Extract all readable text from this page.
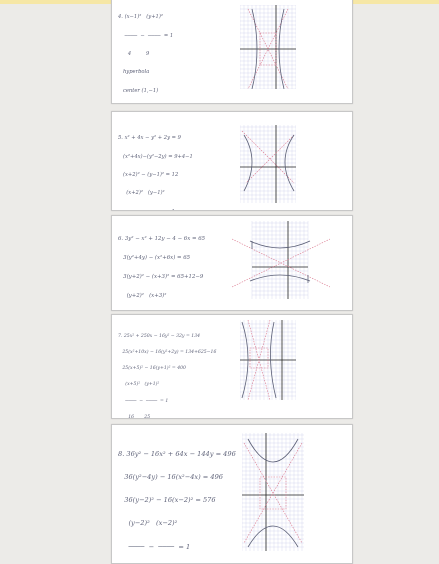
4. (x−1)²   (y+1)²

────  −  ────  = 1

4         9

hyperbola

center (1,−1)

5. x² + 4x − y² + 2y = 9

(x²+4x)−(y²−2y) = 9+4−1

(x+2)² − (y−1)² = 12

(x+2)²   (y−1)²

6. 3y² − x² + 12y − 4 − 6x = 65

3(y²+4y) − (x²+6x) = 65

3(y+2)² − (x+3)² = 65+12−9

(y+2)²   (x+3)²

7. 25x² + 250x − 16y² − 32y = 134

25(x²+10x) − 16(y²+2y) = 134+625−16

25(x+5)² − 16(y+1)² = 400

(x+5)²   (y+1)²

────  −  ────  = 1

16       25

8. 36y² − 16x² + 64x − 144y = 496

36(y²−4y) − 16(x²−4x) = 496

36(y−2)² − 16(x−2)² = 576

(y−2)²   (x−2)²

────  −  ────  = 1
